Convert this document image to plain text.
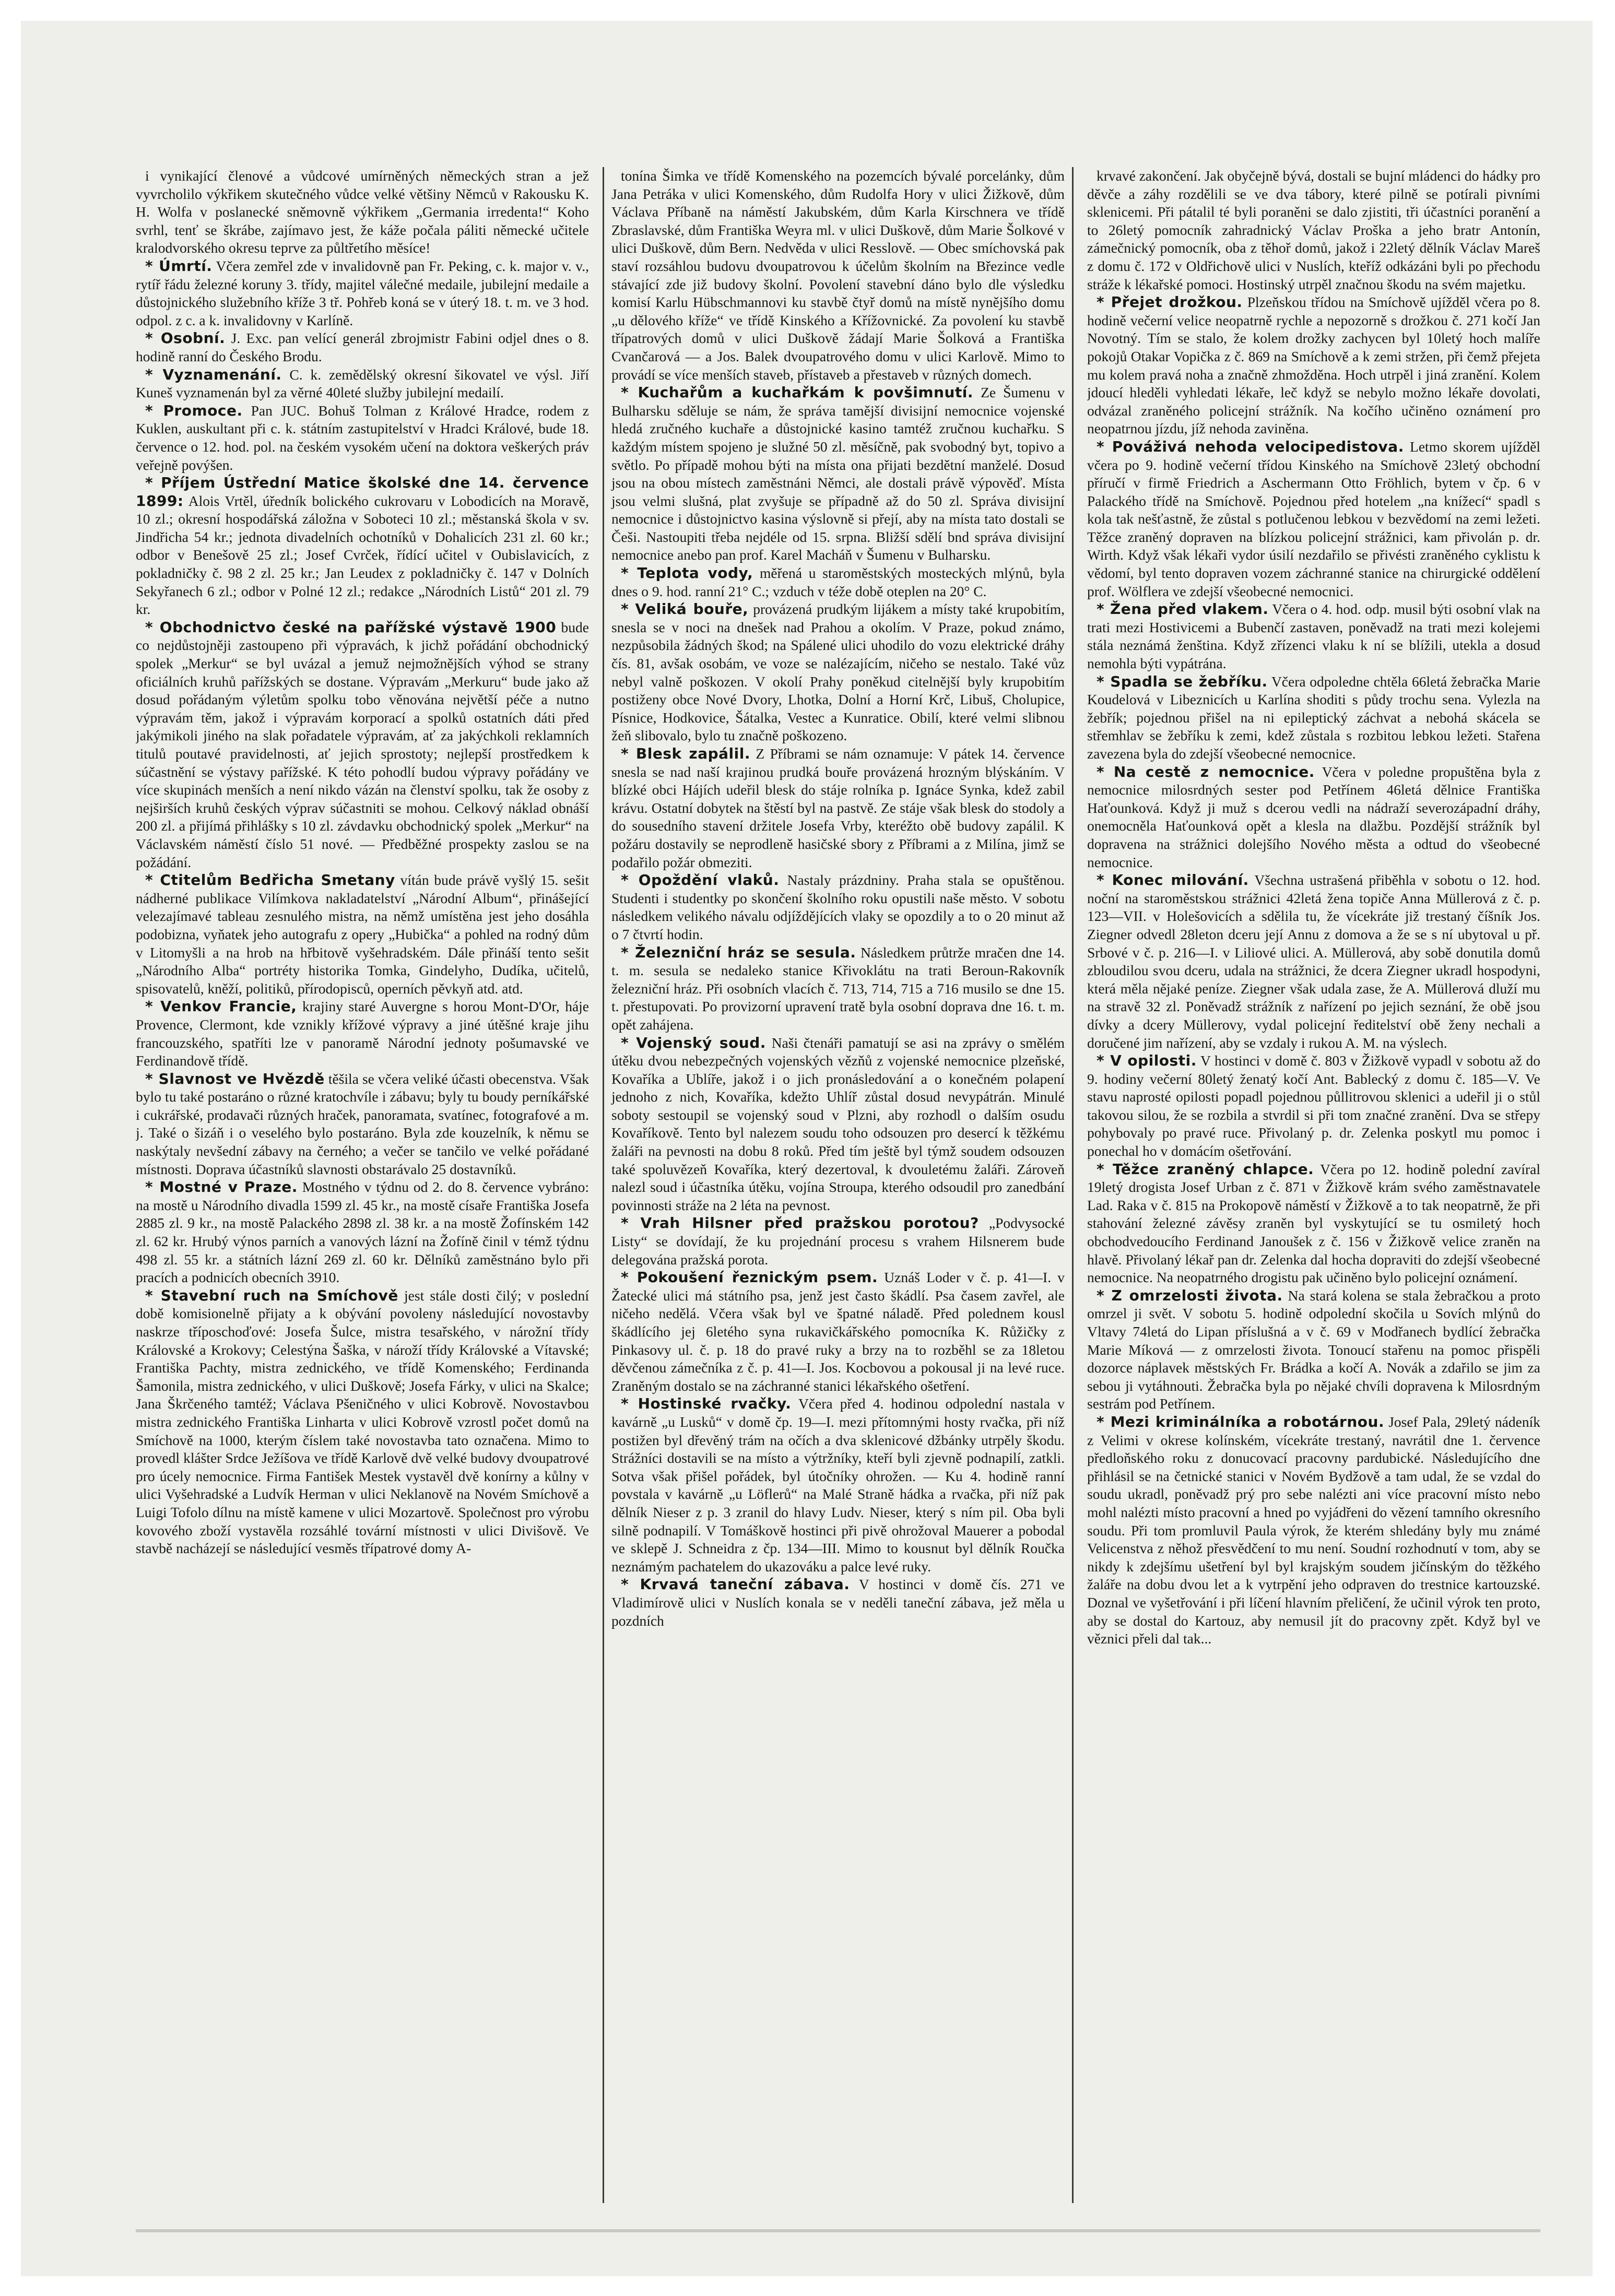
i vynikající členové a vůdcové umírněných německých stran a jež vyvrcholilo výkřikem skutečného vůdce velké většiny Němců v Rakousku K. H. Wolfa v poslanecké sněmovně výkřikem „Germania irredenta!“ Koho svrhl, tenť se škrábe, zajímavo jest, že káže počala páliti německé učitele kralodvorského okresu teprve za půltřetího měsíce!

* Úmrtí. Včera zemřel zde v invalidovně pan Fr. Peking, c. k. major v. v., rytíř řádu železné koruny 3. třídy, majitel válečné medaile, jubilejní medaile a důstojnického služebního kříže 3 tř. Pohřeb koná se v úterý 18. t. m. ve 3 hod. odpol. z c. a k. invalidovny v Karlíně.

* Osobní. J. Exc. pan velící generál zbrojmistr Fabini odjel dnes o 8. hodině ranní do Českého Brodu.

* Vyznamenání. C. k. zemědělský okresní šikovatel ve výsl. Jiří Kuneš vyznamenán byl za věrné 40leté služby jubilejní medailí.

* Promoce. Pan JUC. Bohuš Tolman z Králové Hradce, rodem z Kuklen, auskultant při c. k. státním zastupitelství v Hradci Králové, bude 18. července o 12. hod. pol. na českém vysokém učení na doktora veškerých práv veřejně povýšen.

* Příjem Ústřední Matice školské dne 14. července 1899: Alois Vrtěl, úředník bolického cukrovaru v Lobodicích na Moravě, 10 zl.; okresní hospodářská záložna v Soboteci 10 zl.; městanská škola v sv. Jindřicha 54 kr.; jednota divadelních ochotníků v Dohalicích 231 zl. 60 kr.; odbor v Benešově 25 zl.; Josef Cvrček, řídící učitel v Oubislavicích, z pokladničky č. 98 2 zl. 25 kr.; Jan Leudex z pokladničky č. 147 v Dolních Sekyřanech 6 zl.; odbor v Polné 12 zl.; redakce „Národních Listů“ 201 zl. 79 kr.

* Obchodnictvo české na pařížské výstavě 1900 bude co nejdůstojněji zastoupeno při výpravách, k jichž pořádání obchodnický spolek „Merkur“ se byl uvázal a jemuž nejmožnějších výhod se strany oficiálních kruhů pařížských se dostane. Výpravám „Merkuru“ bude jako až dosud pořádaným výletům spolku tobo věnována největší péče a nutno výpravám těm, jakož i výpravám korporací a spolků ostatních dáti před jakýmikoli jiného na slak pořadatele výpravám, ať za jakýchkoli reklamních titulů poutavé pravidelnosti, ať jejich sprostoty; nejlepší prostředkem k súčastnění se výstavy pařížské. K této pohodlí budou výpravy pořádány ve více skupinách menších a není nikdo vázán na členství spolku, tak že osoby z nejširších kruhů českých výprav súčastniti se mohou. Celkový náklad obnáší 200 zl. a přijímá přihlášky s 10 zl. závdavku obchodnický spolek „Merkur“ na Václavském náměstí číslo 51 nové. — Předběžné prospekty zaslou se na požádání.

* Ctitelům Bedřicha Smetany vítán bude právě vyšlý 15. sešit nádherné publikace Vilímkova nakladatelství „Národní Album“, přinášející velezajímavé tableau zesnulého mistra, na němž umístěna jest jeho dosáhla podobizna, vyňatek jeho autografu z opery „Hubička“ a pohled na rodný dům v Litomyšli a na hrob na hřbitově vyšehradském. Dále přináší tento sešit „Národního Alba“ portréty historika Tomka, Gindelyho, Dudíka, učitelů, spisovatelů, kněží, politiků, přírodopisců, operních pěvkyň atd. atd.

* Venkov Francie, krajiny staré Auvergne s horou Mont-D'Or, háje Provence, Clermont, kde vznikly křížové výpravy a jiné útěšné kraje jihu francouzského, spatříti lze v panoramě Národní jednoty pošumavské ve Ferdinandově třídě.

* Slavnost ve Hvězdě těšila se včera veliké účasti obecenstva. Však bylo tu také postaráno o různé kratochvíle i zábavu; byly tu boudy perníkářské i cukrářské, prodavači různých hraček, panoramata, svatínec, fotografové a m. j. Také o šizáň i o veselého bylo postaráno. Byla zde kouzelník, k němu se naskýtaly nevšední zábavy na černého; a večer se tančilo ve velké pořádané místnosti. Doprava účastníků slavnosti obstarávalo 25 dostavníků.

* Mostné v Praze. Mostného v týdnu od 2. do 8. července vybráno: na mostě u Národního divadla 1599 zl. 45 kr., na mostě císaře Františka Josefa 2885 zl. 9 kr., na mostě Palackého 2898 zl. 38 kr. a na mostě Žofínském 142 zl. 62 kr. Hrubý výnos parních a vanových lázní na Žofíně činil v témž týdnu 498 zl. 55 kr. a státních lázní 269 zl. 60 kr. Dělníků zaměstnáno bylo při pracích a podnicích obecních 3910.

* Stavební ruch na Smíchově jest stále dosti čilý; v poslední době komisionelně přijaty a k obývání povoleny následující novostavby naskrze tříposchoďové: Josefa Šulce, mistra tesařského, v nárožní třídy Královské a Krokovy; Celestýna Šaška, v nároží třídy Královské a Vítavské; Františka Pachty, mistra zednického, ve třídě Komenského; Ferdinanda Šamonila, mistra zednického, v ulici Duškově; Josefa Fárky, v ulici na Skalce; Jana Škrčeného tamtéž; Václava Pšeničného v ulici Kobrově. Novostavbou mistra zednického Františka Linharta v ulici Kobrově vzrostl počet domů na Smíchově na 1000, kterým číslem také novostavba tato označena. Mimo to provedl klášter Srdce Ježíšova ve třídě Karlově dvě velké budovy dvoupatrové pro úcely nemocnice. Firma Fantišek Mestek vystavěl dvě konírny a kůlny v ulici Vyšehradské a Ludvík Herman v ulici Neklanově na Novém Smíchově a Luigi Tofolo dílnu na místě kamene v ulici Mozartově. Společnost pro výrobu kovového zboží vystavěla rozsáhlé tovární místnosti v ulici Divišově. Ve stavbě nacházejí se následující vesměs třípatrové domy A-

tonína Šimka ve třídě Komenského na pozemcích bývalé porcelánky, dům Jana Petráka v ulici Komenského, dům Rudolfa Hory v ulici Žižkově, dům Václava Příbaně na náměstí Jakubském, dům Karla Kirschnera ve třídě Zbraslavské, dům Františka Weyra ml. v ulici Duškově, dům Marie Šolkové v ulici Duškově, dům Bern. Nedvěda v ulici Resslově. — Obec smíchovská pak staví rozsáhlou budovu dvoupatrovou k účelům školním na Březince vedle stávající zde již budovy školní. Povolení stavební dáno bylo dle výsledku komisí Karlu Hübschmannovi ku stavbě čtyř domů na místě nynějšího domu „u dělového kříže“ ve třídě Kinského a Křížovnické. Za povolení ku stavbě třípatrových domů v ulici Duškově žádají Marie Šolková a Františka Cvančarová — a Jos. Balek dvoupatrového domu v ulici Karlově. Mimo to provádí se více menších staveb, přístaveb a přestaveb v různých domech.

* Kuchařům a kuchařkám k povšimnutí. Ze Šumenu v Bulharsku sděluje se nám, že správa tamější divisijní nemocnice vojenské hledá zručného kuchaře a důstojnické kasino tamtéž zručnou kuchařku. S každým místem spojeno je služné 50 zl. měsíčně, pak svobodný byt, topivo a světlo. Po případě mohou býti na místa ona přijati bezdětní manželé. Dosud jsou na obou místech zaměstnáni Němci, ale dostali právě výpověď. Místa jsou velmi slušná, plat zvyšuje se případně až do 50 zl. Správa divisijní nemocnice i důstojnictvo kasina výslovně si přejí, aby na místa tato dostali se Češi. Nastoupiti třeba nejdéle od 15. srpna. Bližší sdělí bnd správa divisijní nemocnice anebo pan prof. Karel Macháň v Šumenu v Bulharsku.

* Teplota vody, měřená u staroměstských mosteckých mlýnů, byla dnes o 9. hod. ranní 21° C.; vzduch v téže době oteplen na 20° C.

* Veliká bouře, provázená prudkým lijákem a místy také krupobitím, snesla se v noci na dnešek nad Prahou a okolím. V Praze, pokud známo, nezpůsobila žádných škod; na Spálené ulici uhodilo do vozu elektrické dráhy čís. 81, avšak osobám, ve voze se nalézajícím, ničeho se nestalo. Také vůz nebyl valně poškozen. V okolí Prahy poněkud citelnější byly krupobitím postiženy obce Nové Dvory, Lhotka, Dolní a Horní Krč, Libuš, Cholupice, Písnice, Hodkovice, Šátalka, Vestec a Kunratice. Obilí, které velmi slibnou žeň slibovalo, bylo tu značně poškozeno.

* Blesk zapálil. Z Příbrami se nám oznamuje: V pátek 14. července snesla se nad naší krajinou prudká bouře provázená hrozným blýskáním. V blízké obci Hájích udeřil blesk do stáje rolníka p. Ignáce Synka, kdež zabil krávu. Ostatní dobytek na štěstí byl na pastvě. Ze stáje však blesk do stodoly a do sousedního stavení držitele Josefa Vrby, kteréžto obě budovy zapálil. K požáru dostavily se neprodleně hasičské sbory z Příbrami a z Milína, jimž se podařilo požár obmeziti.

* Opoždění vlaků. Nastaly prázdniny. Praha stala se opuštěnou. Studenti i studentky po skončení školního roku opustili naše město. V sobotu následkem velikého návalu odjíždějících vlaky se opozdily a to o 20 minut až o 7 čtvrtí hodin.

* Železniční hráz se sesula. Následkem průtrže mračen dne 14. t. m. sesula se nedaleko stanice Křivoklátu na trati Beroun-Rakovník železniční hráz. Při osobních vlacích č. 713, 714, 715 a 716 musilo se dne 15. t. přestupovati. Po provizorní upravení tratě byla osobní doprava dne 16. t. m. opět zahájena.

* Vojenský soud. Naši čtenáři pamatují se asi na zprávy o smělém útěku dvou nebezpečných vojenských vězňů z vojenské nemocnice plzeňské, Kovaříka a Ublíře, jakož i o jich pronásledování a o konečném polapení jednoho z nich, Kovaříka, kdežto Uhlíř zůstal dosud nevypátrán. Minulé soboty sestoupil se vojenský soud v Plzni, aby rozhodl o dalším osudu Kovaříkově. Tento byl nalezem soudu toho odsouzen pro desercí k těžkému žaláři na pevnosti na dobu 8 roků. Před tím ještě byl týmž soudem odsouzen také spoluvězeň Kovaříka, který dezertoval, k dvouletému žaláři. Zároveň nalezl soud i účastníka útěku, vojína Stroupa, kterého odsoudil pro zanedbání povinnosti stráže na 2 léta na pevnost.

* Vrah Hilsner před pražskou porotou? „Podvysocké Listy“ se dovídají, že ku projednání procesu s vrahem Hilsnerem bude delegována pražská porota.

* Pokoušení řeznickým psem. Uznáš Loder v č. p. 41—I. v Žatecké ulici má státního psa, jenž jest často škádlí. Psa časem zavřel, ale ničeho nedělá. Včera však byl ve špatné náladě. Před polednem kousl škádlícího jej 6letého syna rukavičkářského pomocníka K. Růžičky z Pinkasovy ul. č. p. 18 do pravé ruky a brzy na to rozběhl se za 18letou děvčenou zámečníka z č. p. 41—I. Jos. Kocbovou a pokousal ji na levé ruce. Zraněným dostalo se na záchranné stanici lékařského ošetření.

* Hostinské rvačky. Včera před 4. hodinou odpolední nastala v kavárně „u Lusků“ v domě čp. 19—I. mezi přítomnými hosty rvačka, při níž postižen byl dřevěný trám na očích a dva sklenicové džbánky utrpěly škodu. Strážníci dostavili se na místo a výtržníky, kteří byli zjevně podnapilí, zatkli. Sotva však přišel pořádek, byl útočníky ohrožen. — Ku 4. hodině ranní povstala v kavárně „u Löflerů“ na Malé Straně hádka a rvačka, při níž pak dělník Nieser z p. 3 zranil do hlavy Ludv. Nieser, který s ním pil. Oba byli silně podnapilí. V Tomáškově hostinci při pivě ohrožoval Mauerer a pobodal ve sklepě J. Schneidra z čp. 134—III. Mimo to kousnut byl dělník Roučka neznámým pachatelem do ukazováku a palce levé ruky.

* Krvavá taneční zábava. V hostinci v domě čís. 271 ve Vladimírově ulici v Nuslích konala se v neděli taneční zábava, jež měla u pozdních

krvavé zakončení. Jak obyčejně bývá, dostali se bujní mládenci do hádky pro děvče a záhy rozdělili se ve dva tábory, které pilně se potírali pivními sklenicemi. Při pátalil té byli poraněni se dalo zjistiti, tři účastníci poranění a to 26letý pomocník zahradnický Václav Proška a jeho bratr Antonín, zámečnický pomocník, oba z těhoř domů, jakož i 22letý dělník Václav Mareš z domu č. 172 v Oldřichově ulici v Nuslích, kteříž odkázáni byli po přechodu stráže k lékařské pomoci. Hostinský utrpěl značnou škodu na svém majetku.

* Přejet drožkou. Plzeňskou třídou na Smíchově ujížděl včera po 8. hodině večerní velice neopatrně rychle a nepozorně s drožkou č. 271 kočí Jan Novotný. Tím se stalo, že kolem drožky zachycen byl 10letý hoch malíře pokojů Otakar Vopička z č. 869 na Smíchově a k zemi stržen, při čemž přejeta mu kolem pravá noha a značně zhmožděna. Hoch utrpěl i jiná zranění. Kolem jdoucí hleděli vyhledati lékaře, leč když se nebylo možno lékaře dovolati, odvázal zraněného policejní strážník. Na kočího učiněno oznámení pro neopatrnou jízdu, jíž nehoda zaviněna.

* Pováživá nehoda velocipedistova. Letmo skorem ujížděl včera po 9. hodině večerní třídou Kinského na Smíchově 23letý obchodní příručí v firmě Friedrich a Aschermann Otto Fröhlich, bytem v čp. 6 v Palackého třídě na Smíchově. Pojednou před hotelem „na knížecí“ spadl s kola tak nešťastně, že zůstal s potlučenou lebkou v bezvědomí na zemi ležeti. Těžce zraněný dopraven na blízkou policejní strážnici, kam přivolán p. dr. Wirth. Když však lékaři vydor úsilí nezdařilo se přivésti zraněného cyklistu k vědomí, byl tento dopraven vozem záchranné stanice na chirurgické oddělení prof. Wölflera ve zdejší všeobecné nemocnici.

* Žena před vlakem. Včera o 4. hod. odp. musil býti osobní vlak na trati mezi Hostivicemi a Bubenčí zastaven, poněvadž na trati mezi kolejemi stála neznámá ženština. Když zřízenci vlaku k ní se blížili, utekla a dosud nemohla býti vypátrána.

* Spadla se žebříku. Včera odpoledne chtěla 66letá žebračka Marie Koudelová v Libeznicích u Karlína shoditi s půdy trochu sena. Vylezla na žebřík; pojednou přišel na ni epileptický záchvat a nebohá skácela se střemhlav se žebříku k zemi, kdež zůstala s rozbitou lebkou ležeti. Stařena zavezena byla do zdejší všeobecné nemocnice.

* Na cestě z nemocnice. Včera v poledne propuštěna byla z nemocnice milosrdných sester pod Petřínem 46letá dělnice Františka Haťounková. Když ji muž s dcerou vedli na nádraží severozápadní dráhy, onemocněla Haťounková opět a klesla na dlažbu. Pozdější strážník byl dopravena na strážnici dolejšího Nového města a odtud do všeobecné nemocnice.

* Konec milování. Všechna ustrašená přiběhla v sobotu o 12. hod. noční na staroměstskou strážnici 42letá žena topiče Anna Müllerová z č. p. 123—VII. v Holešovicích a sdělila tu, že vícekráte již trestaný číšník Jos. Ziegner odvedl 28leton dceru její Annu z domova a že se s ní ubytoval u př. Srbové v č. p. 216—I. v Liliové ulici. A. Müllerová, aby sobě donutila domů zbloudilou svou dceru, udala na strážnici, že dcera Ziegner ukradl hospodyni, která měla nějaké peníze. Ziegner však udala zase, že A. Müllerová dluží mu na stravě 32 zl. Poněvadž strážník z nařízení po jejich seznání, že obě jsou dívky a dcery Müllerovy, vydal policejní ředitelství obě ženy nechali a doručené jim nařízení, aby se vzdaly i rukou A. M. na výslech.

* V opilosti. V hostinci v domě č. 803 v Žižkově vypadl v sobotu až do 9. hodiny večerní 80letý ženatý kočí Ant. Bablecký z domu č. 185—V. Ve stavu naprosté opilosti popadl pojednou půllitrovou sklenici a udeřil ji o stůl takovou silou, že se rozbila a stvrdil si při tom značné zranění. Dva se střepy pohybovaly po pravé ruce. Přivolaný p. dr. Zelenka poskytl mu pomoc i ponechal ho v domácím ošetřování.

* Těžce zraněný chlapce. Včera po 12. hodině polední zavíral 19letý drogista Josef Urban z č. 871 v Žižkově krám svého zaměstnavatele Lad. Raka v č. 815 na Prokopově náměstí v Žižkově a to tak neopatrně, že při stahování železné závěsy zraněn byl vyskytující se tu osmiletý hoch obchodvedoucího Ferdinand Janoušek z č. 156 v Žižkově velice zraněn na hlavě. Přivolaný lékař pan dr. Zelenka dal hocha dopraviti do zdejší všeobecné nemocnice. Na neopatrného drogistu pak učiněno bylo policejní oznámení.

* Z omrzelosti života. Na stará kolena se stala žebračkou a proto omrzel ji svět. V sobotu 5. hodině odpolední skočila u Sovích mlýnů do Vltavy 74letá do Lipan příslušná a v č. 69 v Modřanech bydlící žebračka Marie Míková — z omrzelosti života. Tonoucí stařenu na pomoc přispěli dozorce náplavek městských Fr. Brádka a kočí A. Novák a zdařilo se jim za sebou ji vytáhnouti. Žebračka byla po nějaké chvíli dopravena k Milosrdným sestrám pod Petřínem.

* Mezi kriminálníka a robotárnou. Josef Pala, 29letý nádeník z Velimi v okrese kolínském, vícekráte trestaný, navrátil dne 1. července předloňského roku z donucovací pracovny pardubické. Následujícího dne přihlásil se na četnické stanici v Novém Bydžově a tam udal, že se vzdal do soudu ukradl, poněvadž prý pro sebe nalézti ani více pracovní místo nebo mohl nalézti místo pracovní a hned po vyjádřeni do vězení tamního okresního soudu. Při tom promluvil Paula výrok, že kterém shledány byly mu známé Velicenstva z něhož přesvědčení to mu není. Soudní rozhodnutí v tom, aby se nikdy k zdejšímu ušetření byl byl krajským soudem jičínským do těžkého žaláře na dobu dvou let a k vytrpění jeho odpraven do trestnice kartouzské. Doznal ve vyšetřování i při líčení hlavním přeličení, že učinil výrok ten proto, aby se dostal do Kartouz, aby nemusil jít do pracovny zpět. Když byl ve věznici přeli dal tak...
